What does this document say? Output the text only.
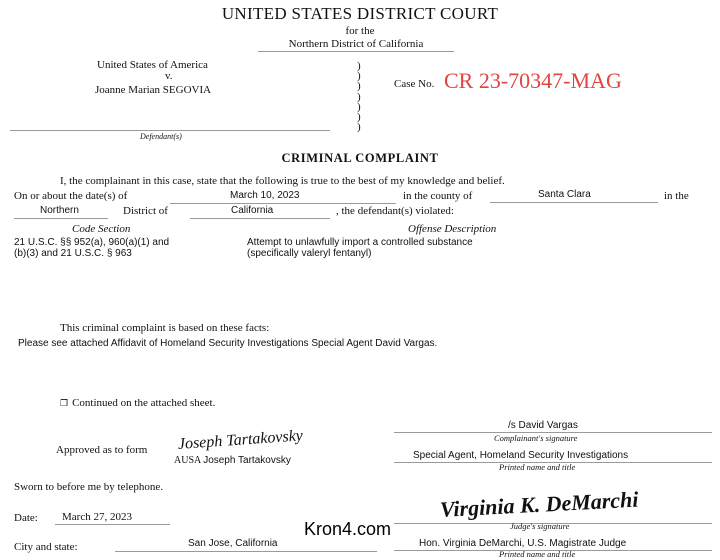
UNITED STATES DISTRICT COURT
for the
Northern District of California
United States of America
v.
Joanne Marian SEGOVIA
Defendant(s)
)
)
)
)
)
)
)
Case No. CR 23-70347-MAG
CRIMINAL COMPLAINT
I, the complainant in this case, state that the following is true to the best of my knowledge and belief.
On or about the date(s) of	March 10, 2023	in the county of	Santa Clara	in the
Northern	District of	California	, the defendant(s) violated:
Code Section	Offense Description
21 U.S.C. §§ 952(a), 960(a)(1) and
(b)(3) and 21 U.S.C. § 963
Attempt to unlawfully import a controlled substance
(specifically valeryl fentanyl)
This criminal complaint is based on these facts:
Please see attached Affidavit of Homeland Security Investigations Special Agent David Vargas.
❐ Continued on the attached sheet.
/s David Vargas
Complainant's signature
Special Agent, Homeland Security Investigations
Printed name and title
Approved as to form Joseph Tartakovsky
AUSA Joseph Tartakovsky
Sworn to before me by telephone.
Date: March 27, 2023	Virginia K. DeMarchi
Judge's signature
Kron4.com
City and state:	San Jose, California	Hon. Virginia DeMarchi, U.S. Magistrate Judge
Printed name and title
